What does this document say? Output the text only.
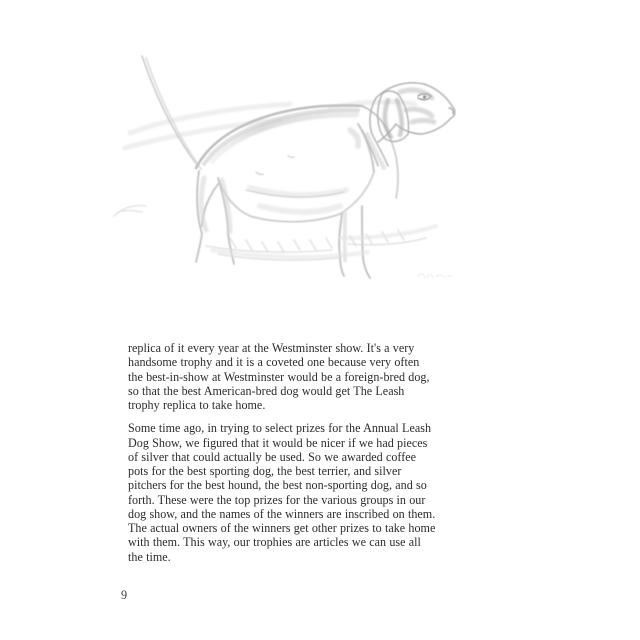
replica of it every year at the Westminster show. It's a very handsome trophy and it is a coveted one because very often the best-in-show at Westminster would be a foreign-bred dog, so that the best American-bred dog would get The Leash trophy replica to take home.

Some time ago, in trying to select prizes for the Annual Leash Dog Show, we figured that it would be nicer if we had pieces of silver that could actually be used. So we awarded coffee pots for the best sporting dog, the best terrier, and silver pitchers for the best hound, the best non-sporting dog, and so forth. These were the top prizes for the various groups in our dog show, and the names of the winners are inscribed on them. The actual owners of the winners get other prizes to take home with them. This way, our trophies are articles we can use all the time.

9
